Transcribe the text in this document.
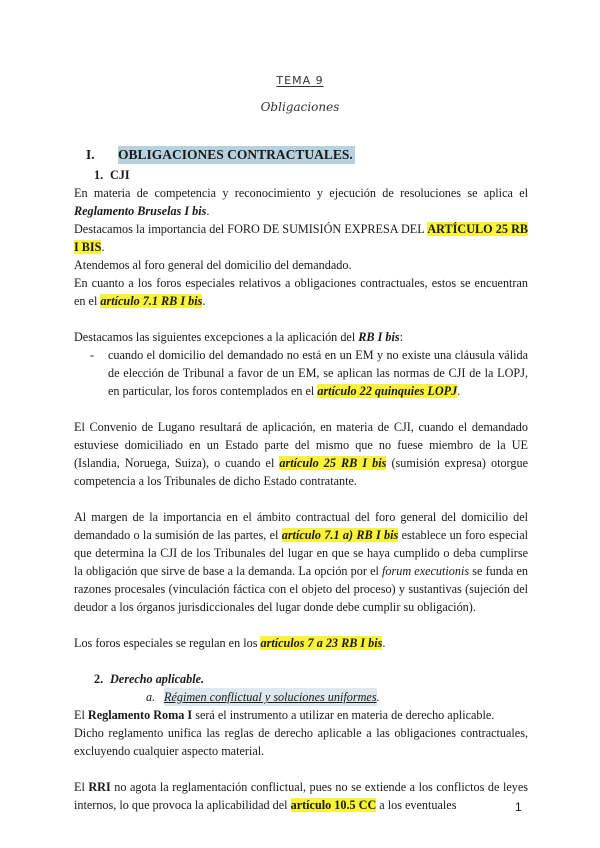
TEMA 9
Obligaciones
I.	OBLIGACIONES CONTRACTUALES.
1. CJI

En materia de competencia y reconocimiento y ejecución de resoluciones se aplica el Reglamento Bruselas I bis.

Destacamos la importancia del FORO DE SUMISIÓN EXPRESA DEL ARTÍCULO 25 RB I BIS.

Atendemos al foro general del domicilio del demandado.

En cuanto a los foros especiales relativos a obligaciones contractuales, estos se encuentran en el artículo 7.1 RB I bis.

Destacamos las siguientes excepciones a la aplicación del RB I bis:

-	cuando el domicilio del demandado no está en un EM y no existe una cláusula válida de elección de Tribunal a favor de un EM, se aplican las normas de CJI de la LOPJ, en particular, los foros contemplados en el artículo 22 quinquies LOPJ.

El Convenio de Lugano resultará de aplicación, en materia de CJI, cuando el demandado estuviese domiciliado en un Estado parte del mismo que no fuese miembro de la UE (Islandia, Noruega, Suiza), o cuando el artículo 25 RB I bis (sumisión expresa) otorgue competencia a los Tribunales de dicho Estado contratante.

Al margen de la importancia en el ámbito contractual del foro general del domicilio del demandado o la sumisión de las partes, el artículo 7.1 a) RB I bis establece un foro especial que determina la CJI de los Tribunales del lugar en que se haya cumplido o deba cumplirse la obligación que sirve de base a la demanda. La opción por el forum executionis se funda en razones procesales (vinculación fáctica con el objeto del proceso) y sustantivas (sujeción del deudor a los órganos jurisdiccionales del lugar donde debe cumplir su obligación).

Los foros especiales se regulan en los artículos 7 a 23 RB I bis.

2. Derecho aplicable.
a. Régimen conflictual y soluciones uniformes .

El Reglamento Roma I será el instrumento a utilizar en materia de derecho aplicable.

Dicho reglamento unifica las reglas de derecho aplicable a las obligaciones contractuales, excluyendo cualquier aspecto material.

El RRI no agota la reglamentación conflictual, pues no se extiende a los conflictos de leyes internos, lo que provoca la aplicabilidad del artículo 10.5 CC a los eventuales	1
